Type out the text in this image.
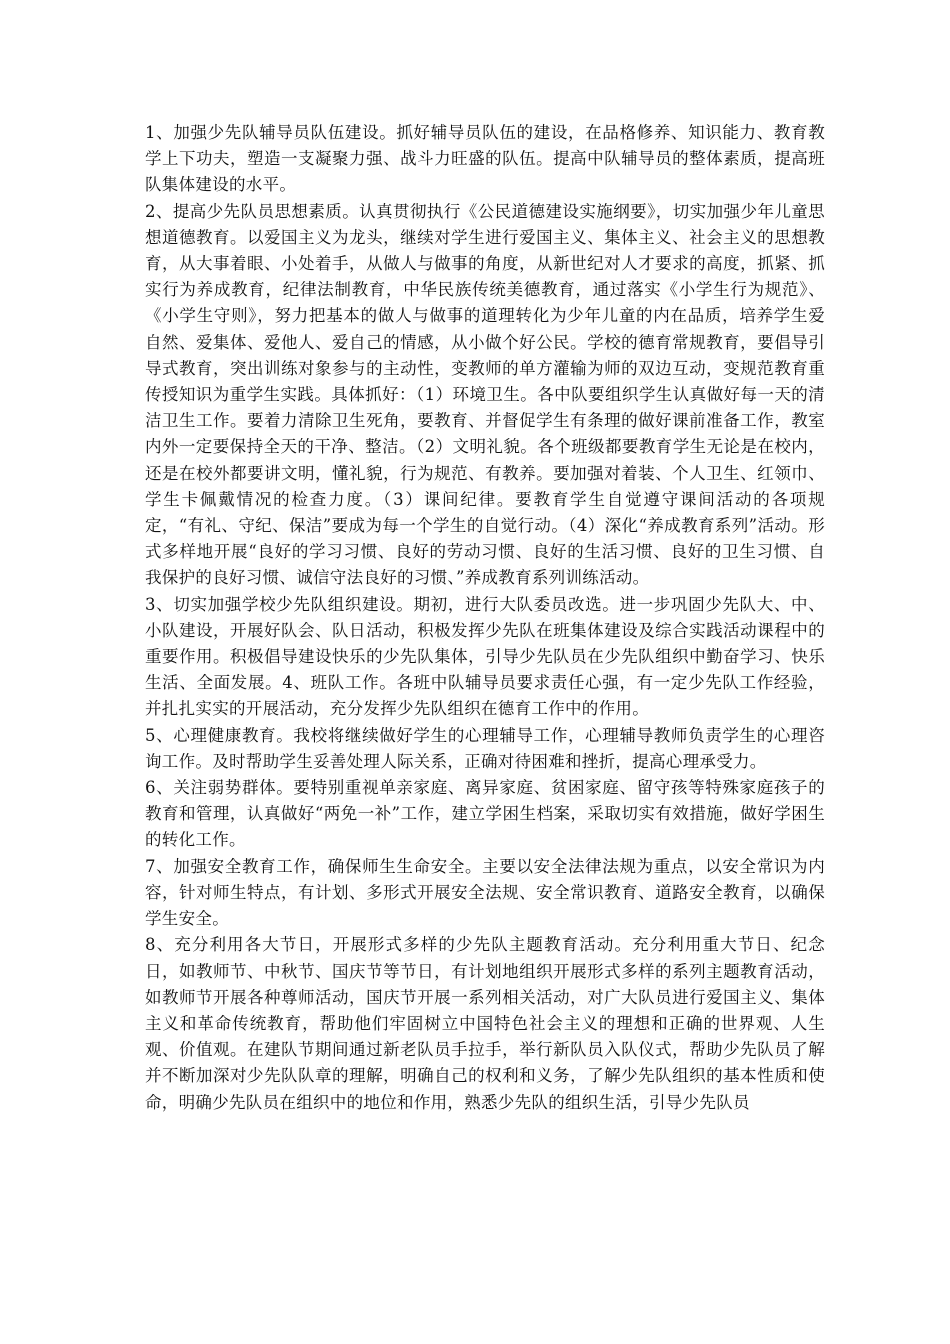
1、加强少先队辅导员队伍建设。抓好辅导员队伍的建设，在品格修养、知识能力、教育教学上下功夫，塑造一支凝聚力强、战斗力旺盛的队伍。提高中队辅导员的整体素质，提高班队集体建设的水平。

2、提高少先队员思想素质。认真贯彻执行《公民道德建设实施纲要》，切实加强少年儿童思想道德教育。以爱国主义为龙头，继续对学生进行爱国主义、集体主义、社会主义的思想教育，从大事着眼、小处着手，从做人与做事的角度，从新世纪对人才要求的高度，抓紧、抓实行为养成教育，纪律法制教育，中华民族传统美德教育，通过落实《小学生行为规范》、《小学生守则》，努力把基本的做人与做事的道理转化为少年儿童的内在品质，培养学生爱自然、爱集体、爱他人、爱自己的情感，从小做个好公民。学校的德育常规教育，要倡导引导式教育，突出训练对象参与的主动性，变教师的单方灌输为师的双边互动，变规范教育重传授知识为重学生实践。具体抓好：（1）环境卫生。各中队要组织学生认真做好每一天的清洁卫生工作。要着力清除卫生死角，要教育、并督促学生有条理的做好课前准备工作，教室内外一定要保持全天的干净、整洁。（2）文明礼貌。各个班级都要教育学生无论是在校内，还是在校外都要讲文明，懂礼貌，行为规范、有教养。要加强对着装、个人卫生、红领巾、学生卡佩戴情况的检查力度。（3）课间纪律。要教育学生自觉遵守课间活动的各项规定，“有礼、守纪、保洁”要成为每一个学生的自觉行动。（4）深化“养成教育系列”活动。形式多样地开展“良好的学习习惯、良好的劳动习惯、良好的生活习惯、良好的卫生习惯、自我保护的良好习惯、诚信守法良好的习惯、”养成教育系列训练活动。

3、切实加强学校少先队组织建设。期初，进行大队委员改选。进一步巩固少先队大、中、小队建设，开展好队会、队日活动，积极发挥少先队在班集体建设及综合实践活动课程中的重要作用。积极倡导建设快乐的少先队集体，引导少先队员在少先队组织中勤奋学习、快乐生活、全面发展。4、班队工作。各班中队辅导员要求责任心强，有一定少先队工作经验，并扎扎实实的开展活动，充分发挥少先队组织在德育工作中的作用。

5、心理健康教育。我校将继续做好学生的心理辅导工作，心理辅导教师负责学生的心理咨询工作。及时帮助学生妥善处理人际关系，正确对待困难和挫折，提高心理承受力。

6、关注弱势群体。要特别重视单亲家庭、离异家庭、贫困家庭、留守孩等特殊家庭孩子的教育和管理，认真做好“两免一补”工作，建立学困生档案，采取切实有效措施，做好学困生的转化工作。

7、加强安全教育工作，确保师生生命安全。主要以安全法律法规为重点，以安全常识为内容，针对师生特点，有计划、多形式开展安全法规、安全常识教育、道路安全教育，以确保学生安全。

8、充分利用各大节日，开展形式多样的少先队主题教育活动。充分利用重大节日、纪念日，如教师节、中秋节、国庆节等节日，有计划地组织开展形式多样的系列主题教育活动，如教师节开展各种尊师活动，国庆节开展一系列相关活动，对广大队员进行爱国主义、集体主义和革命传统教育，帮助他们牢固树立中国特色社会主义的理想和正确的世界观、人生观、价值观。在建队节期间通过新老队员手拉手，举行新队员入队仪式，帮助少先队员了解并不断加深对少先队队章的理解，明确自己的权利和义务，了解少先队组织的基本性质和使命，明确少先队员在组织中的地位和作用，熟悉少先队的组织生活，引导少先队员
